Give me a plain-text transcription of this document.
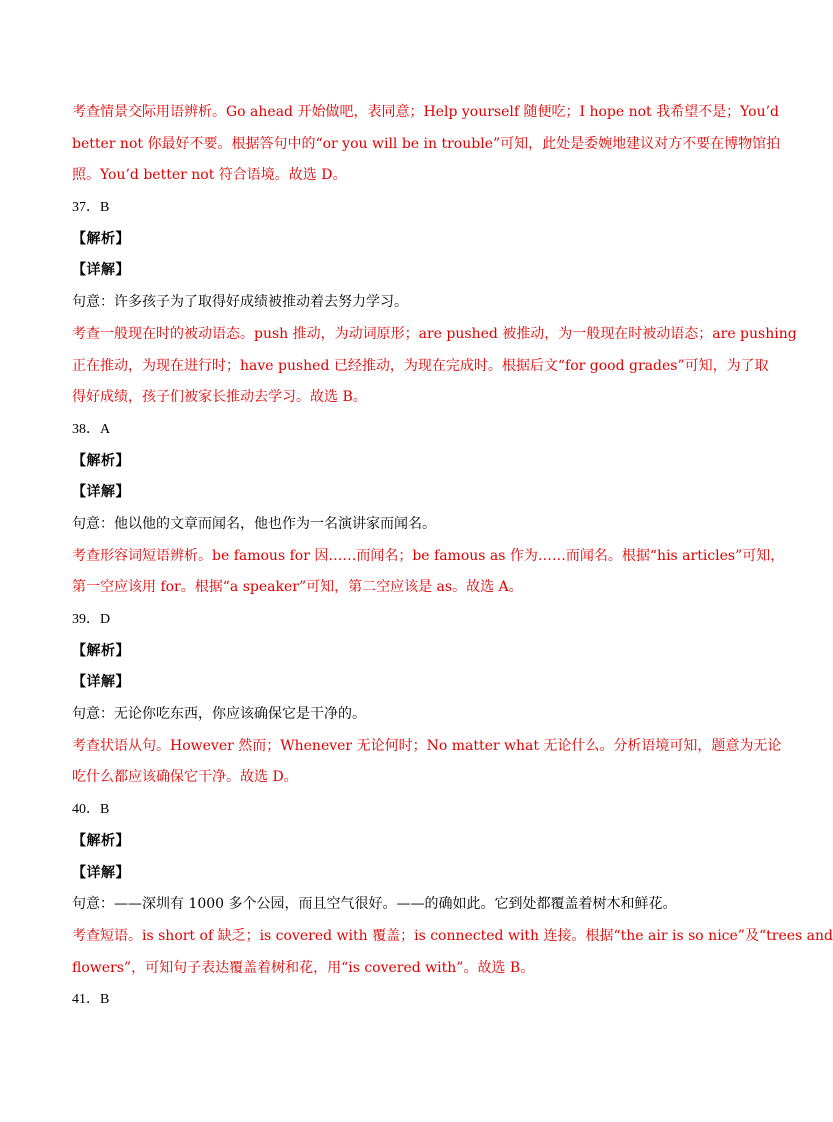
考查情景交际用语辨析。Go ahead 开始做吧，表同意；Help yourself 随便吃；I hope not 我希望不是；You’d
better not 你最好不要。根据答句中的“or you will be in trouble”可知，此处是委婉地建议对方不要在博物馆拍
照。You’d better not 符合语境。故选 D。
37．B
【解析】
【详解】
句意：许多孩子为了取得好成绩被推动着去努力学习。
考查一般现在时的被动语态。push 推动，为动词原形；are pushed 被推动，为一般现在时被动语态；are pushing
正在推动，为现在进行时；have pushed 已经推动，为现在完成时。根据后文“for good grades”可知，为了取
得好成绩，孩子们被家长推动去学习。故选 B。
38．A
【解析】
【详解】
句意：他以他的文章而闻名，他也作为一名演讲家而闻名。
考查形容词短语辨析。be famous for 因……而闻名；be famous as 作为……而闻名。根据“his articles”可知，
第一空应该用 for。根据“a speaker”可知，第二空应该是 as。故选 A。
39．D
【解析】
【详解】
句意：无论你吃东西，你应该确保它是干净的。
考查状语从句。However 然而；Whenever 无论何时；No matter what 无论什么。分析语境可知，题意为无论
吃什么都应该确保它干净。故选 D。
40．B
【解析】
【详解】
句意：——深圳有 1000 多个公园，而且空气很好。——的确如此。它到处都覆盖着树木和鲜花。
考查短语。is short of 缺乏；is covered with 覆盖；is connected with 连接。根据“the air is so nice”及“trees and
flowers”，可知句子表达覆盖着树和花，用“is covered with”。故选 B。
41．B
